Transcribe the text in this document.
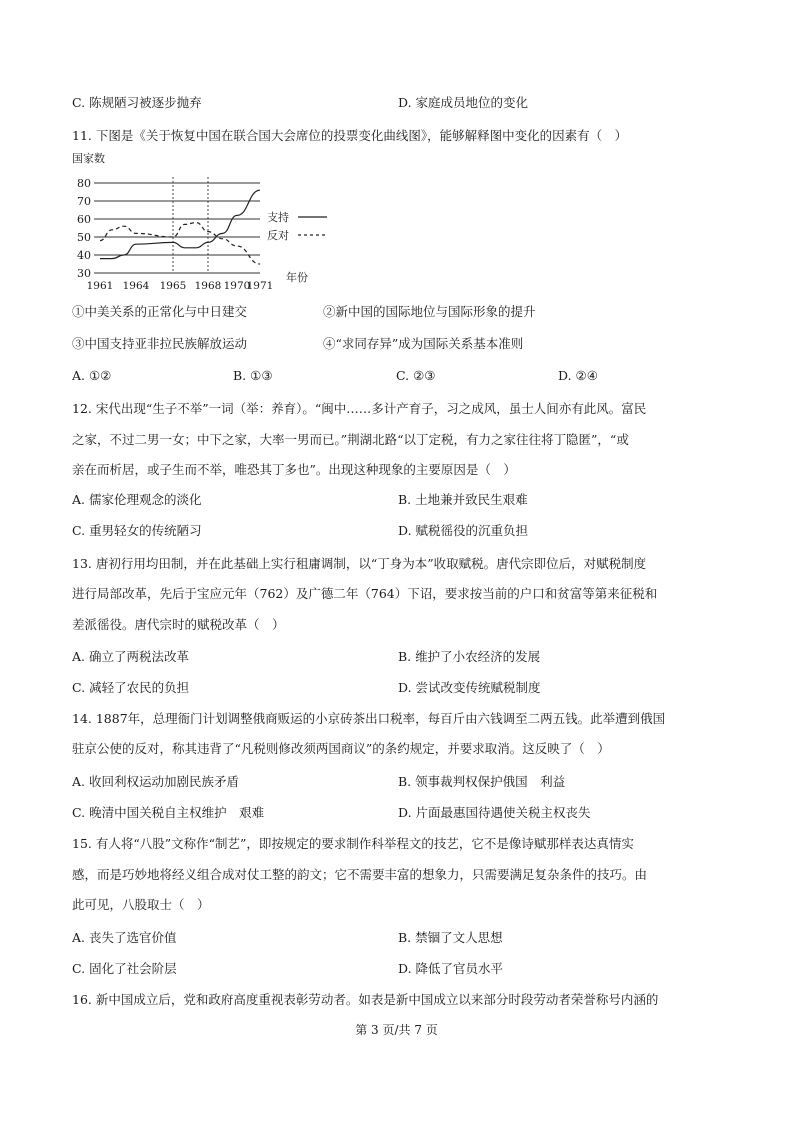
C. 陈规陋习被逐步抛弃	D. 家庭成员地位的变化
11. 下图是《关于恢复中国在联合国大会席位的投票变化曲线图》，能够解释图中变化的因素有（　）
国家数
30
40
50
60
70
80
1961 1964 1965 1968 1970
1971
支持
反对
年份
①中美关系的正常化与中日建交	②新中国的国际地位与国际形象的提升
③中国支持亚非拉民族解放运动	④“求同存异”成为国际关系基本准则
A. ①②	B. ①③	C. ②③	D. ②④
12. 宋代出现“生子不举”一词（举：养育）。“闽中……多计产育子，习之成风，虽士人间亦有此风。富民
之家，不过二男一女；中下之家，大率一男而已。”荆湖北路“以丁定税，有力之家往往将丁隐匿”，“或
亲在而析居，或子生而不举，唯恐其丁多也”。出现这种现象的主要原因是（　）
A. 儒家伦理观念的淡化	B. 土地兼并致民生艰难
C. 重男轻女的传统陋习	D. 赋税徭役的沉重负担
13. 唐初行用均田制，并在此基础上实行租庸调制，以“丁身为本”收取赋税。唐代宗即位后，对赋税制度
进行局部改革，先后于宝应元年（762）及广德二年（764）下诏，要求按当前的户口和贫富等第来征税和
差派徭役。唐代宗时的赋税改革（　）
A. 确立了两税法改革	B. 维护了小农经济的发展
C. 减轻了农民的负担	D. 尝试改变传统赋税制度
14. 1887年，总理衙门计划调整俄商贩运的小京砖茶出口税率，每百斤由六钱调至二两五钱。此举遭到俄国
驻京公使的反对，称其违背了“凡税则修改须两国商议”的条约规定，并要求取消。这反映了（　）
A. 收回利权运动加剧民族矛盾	B. 领事裁判权保护俄国　利益
C. 晚清中国关税自主权维护　艰难	D. 片面最惠国待遇使关税主权丧失
15. 有人将“八股”文称作“制艺”，即按规定的要求制作科举程文的技艺，它不是像诗赋那样表达真情实
感，而是巧妙地将经义组合成对仗工整的韵文；它不需要丰富的想象力，只需要满足复杂条件的技巧。由
此可见，八股取士（　）
A. 丧失了选官价值	B. 禁锢了文人思想
C. 固化了社会阶层	D. 降低了官员水平
16. 新中国成立后，党和政府高度重视表彰劳动者。如表是新中国成立以来部分时段劳动者荣誉称号内涵的
第 3 页/共 7 页
